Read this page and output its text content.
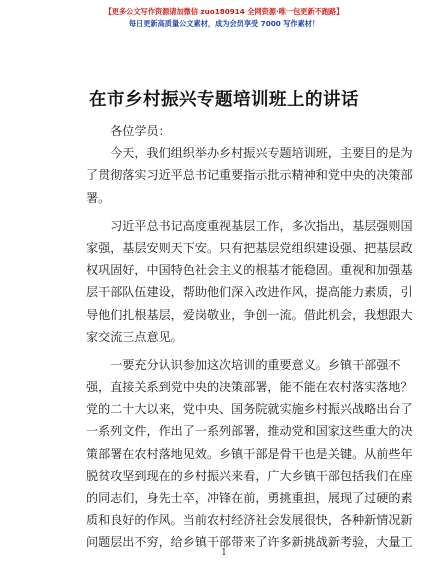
【更多公文写作资源请加微信 zuo180914 全网资源·唯一包更新不跑路】
每日更新高质量公文素材，成为会员享受 7000 写作素材！
在市乡村振兴专题培训班上的讲话
　　各位学员：
　　今天，我们组织举办乡村振兴专题培训班，主要目的是为
了贯彻落实习近平总书记重要指示批示精神和党中央的决策部
署。
　　习近平总书记高度重视基层工作，多次指出，基层强则国
家强，基层安则天下安。只有把基层党组织建设强、把基层政
权巩固好，中国特色社会主义的根基才能稳固。重视和加强基
层干部队伍建设，帮助他们深入改进作风，提高能力素质，引
导他们扎根基层，爱岗敬业，争创一流。借此机会，我想跟大
家交流三点意见。
　　一要充分认识参加这次培训的重要意义。乡镇干部强不
强，直接关系到党中央的决策部署，能不能在农村落实落地？
党的二十大以来，党中央、国务院就实施乡村振兴战略出台了
一系列文件，作出了一系列部署，推动党和国家这些重大的决
策部署在农村落地见效。乡镇干部是骨干也是关键。从前些年
脱贫攻坚到现在的乡村振兴来看，广大乡镇干部包括我们在座
的同志们，身先士卒，冲锋在前，勇挑重担，展现了过硬的素
质和良好的作风。当前农村经济社会发展很快，各种新情况新
问题层出不穷，给乡镇干部带来了许多新挑战新考验，大量工
1
